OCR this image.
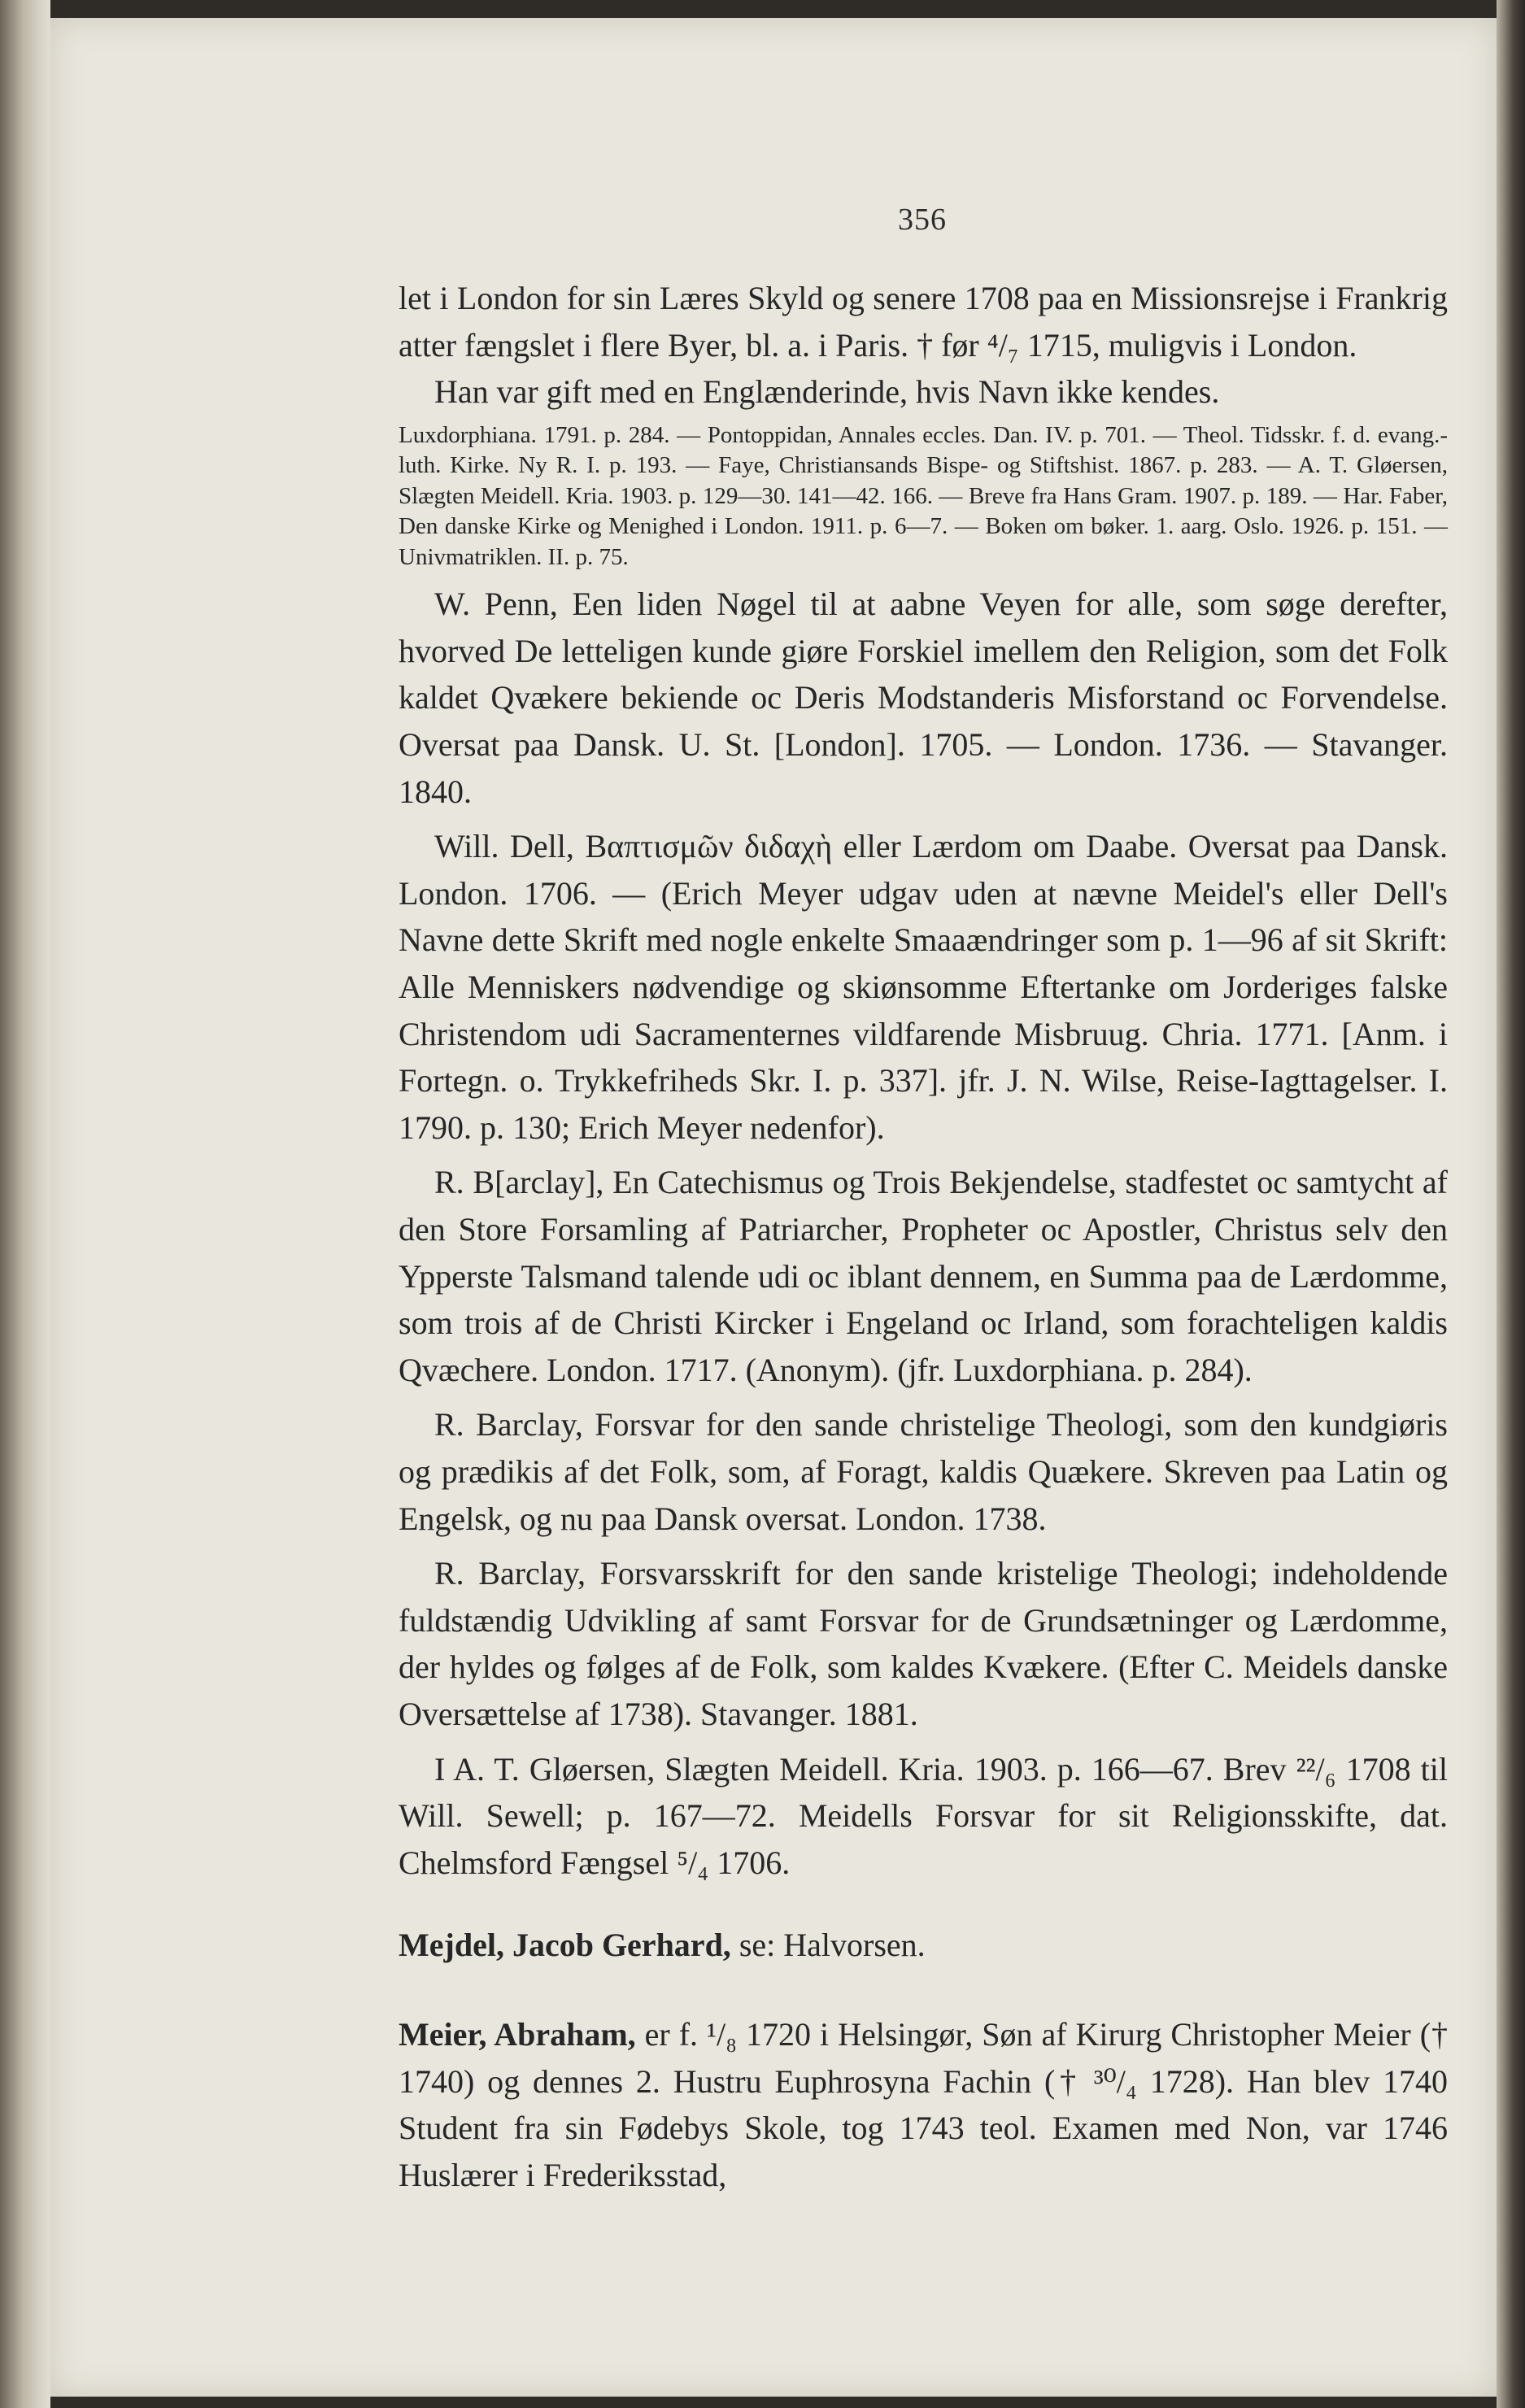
356

let i London for sin Læres Skyld og senere 1708 paa en Missionsrejse i Frankrig atter fængslet i flere Byer, bl. a. i Paris. † før ⁴/₇ 1715, muligvis i London.

Han var gift med en Englænderinde, hvis Navn ikke kendes.

Luxdorphiana. 1791. p. 284. — Pontoppidan, Annales eccles. Dan. IV. p. 701. — Theol. Tidsskr. f. d. evang.-luth. Kirke. Ny R. I. p. 193. — Faye, Christiansands Bispe- og Stiftshist. 1867. p. 283. — A. T. Gløersen, Slægten Meidell. Kria. 1903. p. 129—30. 141—42. 166. — Breve fra Hans Gram. 1907. p. 189. — Har. Faber, Den danske Kirke og Menighed i London. 1911. p. 6—7. — Boken om bøker. 1. aarg. Oslo. 1926. p. 151. — Univmatriklen. II. p. 75.

W. Penn, Een liden Nøgel til at aabne Veyen for alle, som søge derefter, hvorved De letteligen kunde giøre Forskiel imellem den Religion, som det Folk kaldet Qvækere bekiende oc Deris Modstanderis Misforstand oc Forvendelse. Oversat paa Dansk. U. St. [London]. 1705. — London. 1736. — Stavanger. 1840.

Will. Dell, Βαπτισμῶν διδαχὴ eller Lærdom om Daabe. Oversat paa Dansk. London. 1706. — (Erich Meyer udgav uden at nævne Meidel's eller Dell's Navne dette Skrift med nogle enkelte Smaaændringer som p. 1—96 af sit Skrift: Alle Menniskers nødvendige og skiønsomme Eftertanke om Jorderiges falske Christendom udi Sacramenternes vildfarende Misbruug. Chria. 1771. [Anm. i Fortegn. o. Trykkefriheds Skr. I. p. 337]. jfr. J. N. Wilse, Reise-Iagttagelser. I. 1790. p. 130; Erich Meyer nedenfor).

R. B[arclay], En Catechismus og Trois Bekjendelse, stadfestet oc samtycht af den Store Forsamling af Patriarcher, Propheter oc Apostler, Christus selv den Ypperste Talsmand talende udi oc iblant dennem, en Summa paa de Lærdomme, som trois af de Christi Kircker i Engeland oc Irland, som forachteligen kaldis Qvæchere. London. 1717. (Anonym). (jfr. Luxdorphiana. p. 284).

R. Barclay, Forsvar for den sande christelige Theologi, som den kundgiøris og prædikis af det Folk, som, af Foragt, kaldis Quækere. Skreven paa Latin og Engelsk, og nu paa Dansk oversat. London. 1738.

R. Barclay, Forsvarsskrift for den sande kristelige Theologi; indeholdende fuldstændig Udvikling af samt Forsvar for de Grundsætninger og Lærdomme, der hyldes og følges af de Folk, som kaldes Kvækere. (Efter C. Meidels danske Oversættelse af 1738). Stavanger. 1881.

I A. T. Gløersen, Slægten Meidell. Kria. 1903. p. 166—67. Brev ²²/₆ 1708 til Will. Sewell; p. 167—72. Meidells Forsvar for sit Religionsskifte, dat. Chelmsford Fængsel ⁵/₄ 1706.

Mejdel, Jacob Gerhard, se: Halvorsen.

Meier, Abraham, er f. ¹/₈ 1720 i Helsingør, Søn af Kirurg Christopher Meier († 1740) og dennes 2. Hustru Euphrosyna Fachin († ³⁰/₄ 1728). Han blev 1740 Student fra sin Fødebys Skole, tog 1743 teol. Examen med Non, var 1746 Huslærer i Frederiksstad,
